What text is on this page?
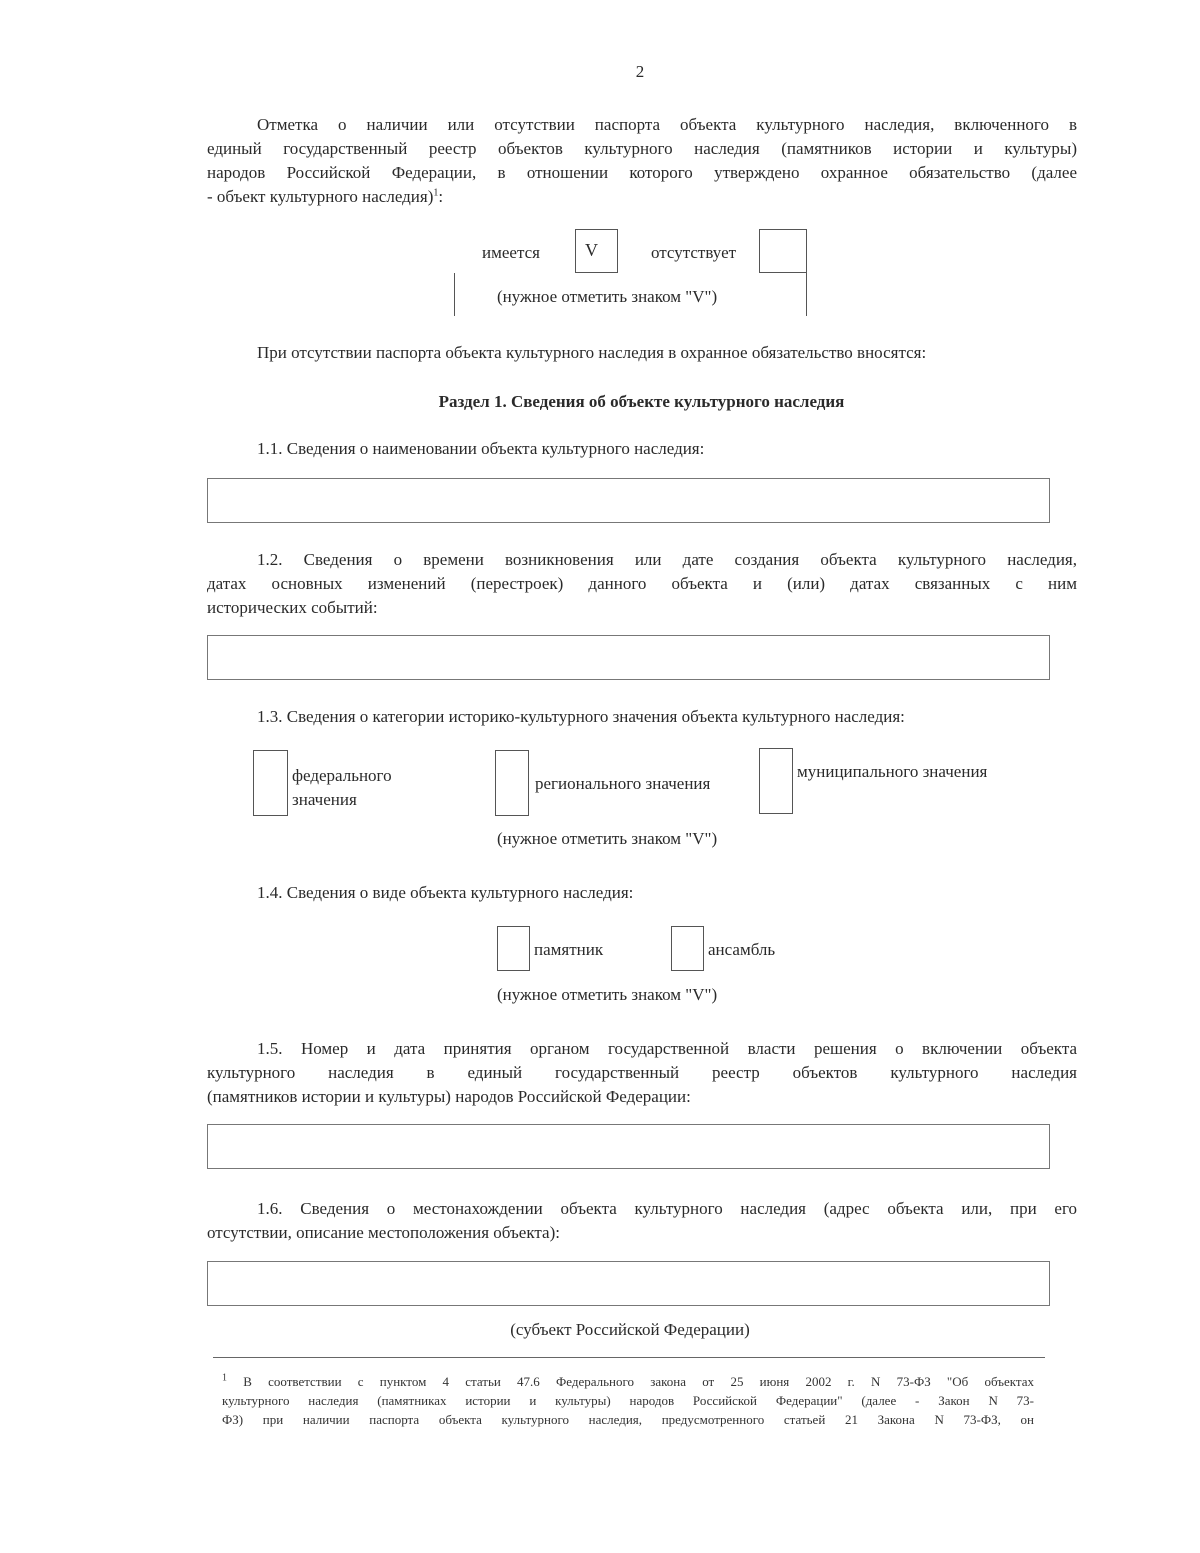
2
Отметка о наличии или отсутствии паспорта объекта культурного наследия, включенного в
единый государственный реестр объектов культурного наследия (памятников истории и культуры)
народов Российской Федерации, в отношении которого утверждено охранное обязательство (далее
- объект культурного наследия)$^1$:
имеется	V	отсутствует
(нужное отметить знаком "V")
При отсутствии паспорта объекта культурного наследия в охранное обязательство вносятся:
Раздел 1. Сведения об объекте культурного наследия
1.1. Сведения о наименовании объекта культурного наследия:
1.2. Сведения о времени возникновения или дате создания объекта культурного наследия,
датах основных изменений (перестроек) данного объекта и (или) датах связанных с ним
исторических событий:
1.3. Сведения о категории историко-культурного значения объекта культурного наследия:
федерального
значения
регионального значения
муниципального значения
(нужное отметить знаком "V")
1.4. Сведения о виде объекта культурного наследия:
памятник	ансамбль
(нужное отметить знаком "V")
1.5. Номер и дата принятия органом государственной власти решения о включении объекта
культурного наследия в единый государственный реестр объектов культурного наследия
(памятников истории и культуры) народов Российской Федерации:
1.6. Сведения о местонахождении объекта культурного наследия (адрес объекта или, при его
отсутствии, описание местоположения объекта):
(субъект Российской Федерации)
$^1$ В соответствии с пунктом 4 статьи 47.6 Федерального закона от 25 июня 2002 г. N 73-ФЗ "Об объектах
культурного наследия (памятниках истории и культуры) народов Российской Федерации" (далее - Закон N 73-
ФЗ) при наличии паспорта объекта культурного наследия, предусмотренного статьей 21 Закона N 73-ФЗ, он
